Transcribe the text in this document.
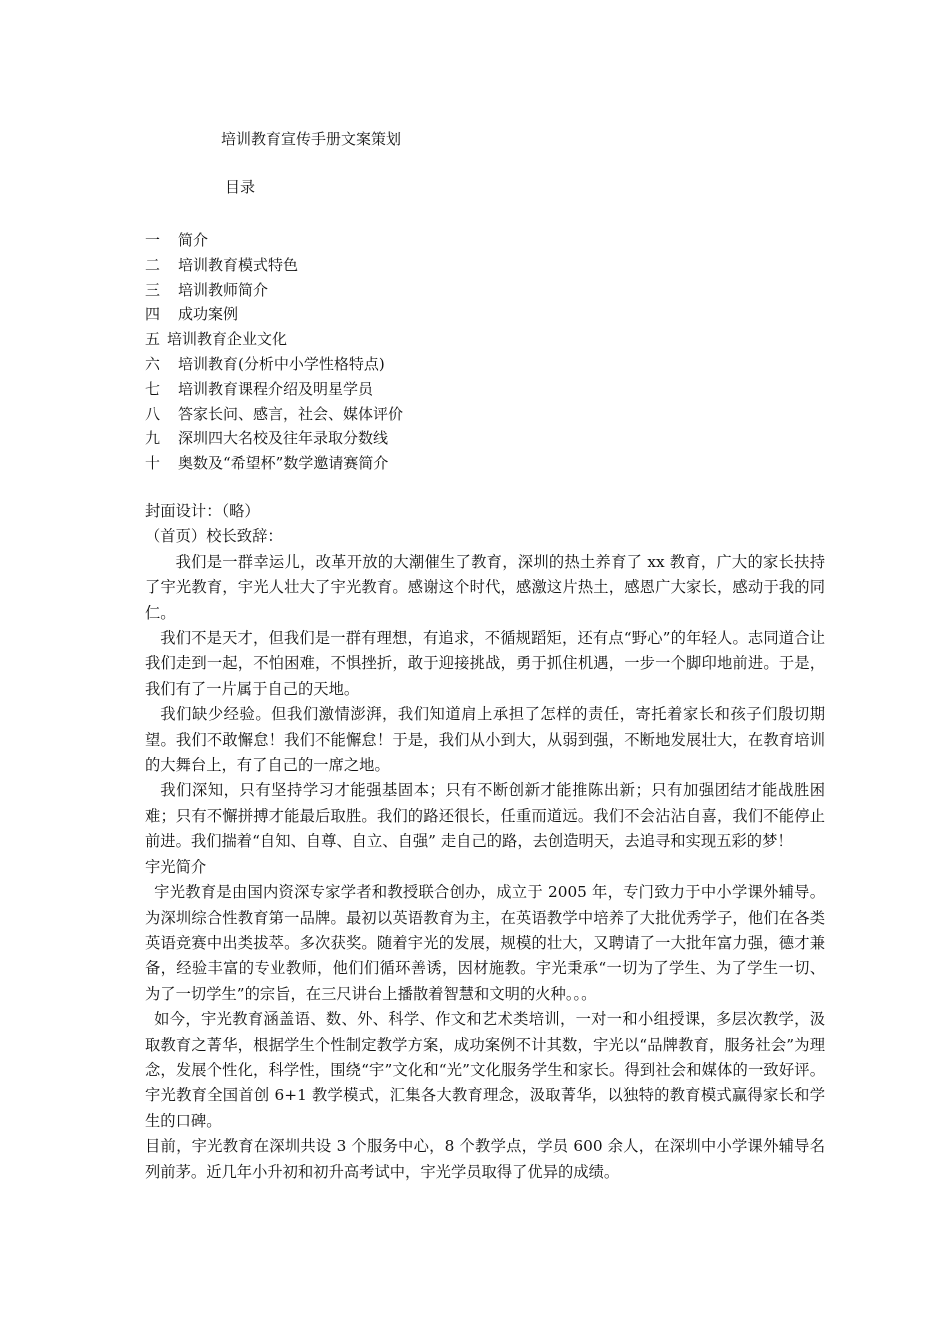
培训教育宣传手册文案策划
目录
一 简介
二 培训教育模式特色
三 培训教师简介
四 成功案例
五 培训教育企业文化
六 培训教育(分析中小学性格特点)
七 培训教育课程介绍及明星学员
八 答家长问、感言，社会、媒体评价
九 深圳四大名校及往年录取分数线
十 奥数及“希望杯”数学邀请赛简介

封面设计：（略）

（首页）校长致辞：

我们是一群幸运儿，改革开放的大潮催生了教育，深圳的热土养育了 xx 教育，广大的家长扶持了宇光教育，宇光人壮大了宇光教育。感谢这个时代，感激这片热土，感恩广大家长，感动于我的同仁。

我们不是天才，但我们是一群有理想，有追求，不循规蹈矩，还有点“野心”的年轻人。志同道合让我们走到一起，不怕困难，不惧挫折，敢于迎接挑战，勇于抓住机遇，一步一个脚印地前进。于是，我们有了一片属于自己的天地。

我们缺少经验。但我们激情澎湃，我们知道肩上承担了怎样的责任，寄托着家长和孩子们殷切期望。我们不敢懈怠！我们不能懈怠！于是，我们从小到大，从弱到强，不断地发展壮大，在教育培训的大舞台上，有了自己的一席之地。

我们深知，只有坚持学习才能强基固本；只有不断创新才能推陈出新；只有加强团结才能战胜困难；只有不懈拼搏才能最后取胜。我们的路还很长，任重而道远。我们不会沾沾自喜，我们不能停止前进。我们揣着“自知、自尊、自立、自强” 走自己的路，去创造明天，去追寻和实现五彩的梦！

宇光简介

宇光教育是由国内资深专家学者和教授联合创办，成立于 2005 年，专门致力于中小学课外辅导。为深圳综合性教育第一品牌。最初以英语教育为主，在英语教学中培养了大批优秀学子，他们在各类英语竞赛中出类拔萃。多次获奖。随着宇光的发展，规模的壮大，又聘请了一大批年富力强，德才兼备，经验丰富的专业教师，他们们循环善诱，因材施教。宇光秉承“一切为了学生、为了学生一切、为了一切学生”的宗旨，在三尺讲台上播散着智慧和文明的火种。。。

如今，宇光教育涵盖语、数、外、科学、作文和艺术类培训，一对一和小组授课，多层次教学，汲取教育之菁华，根据学生个性制定教学方案，成功案例不计其数，宇光以“品牌教育，服务社会”为理念，发展个性化，科学性，围绕“宇”文化和“光”文化服务学生和家长。得到社会和媒体的一致好评。宇光教育全国首创 6+1 教学模式，汇集各大教育理念，汲取菁华，以独特的教育模式赢得家长和学生的口碑。

目前，宇光教育在深圳共设 3 个服务中心，8 个教学点，学员 600 余人，在深圳中小学课外辅导名列前茅。近几年小升初和初升高考试中，宇光学员取得了优异的成绩。
